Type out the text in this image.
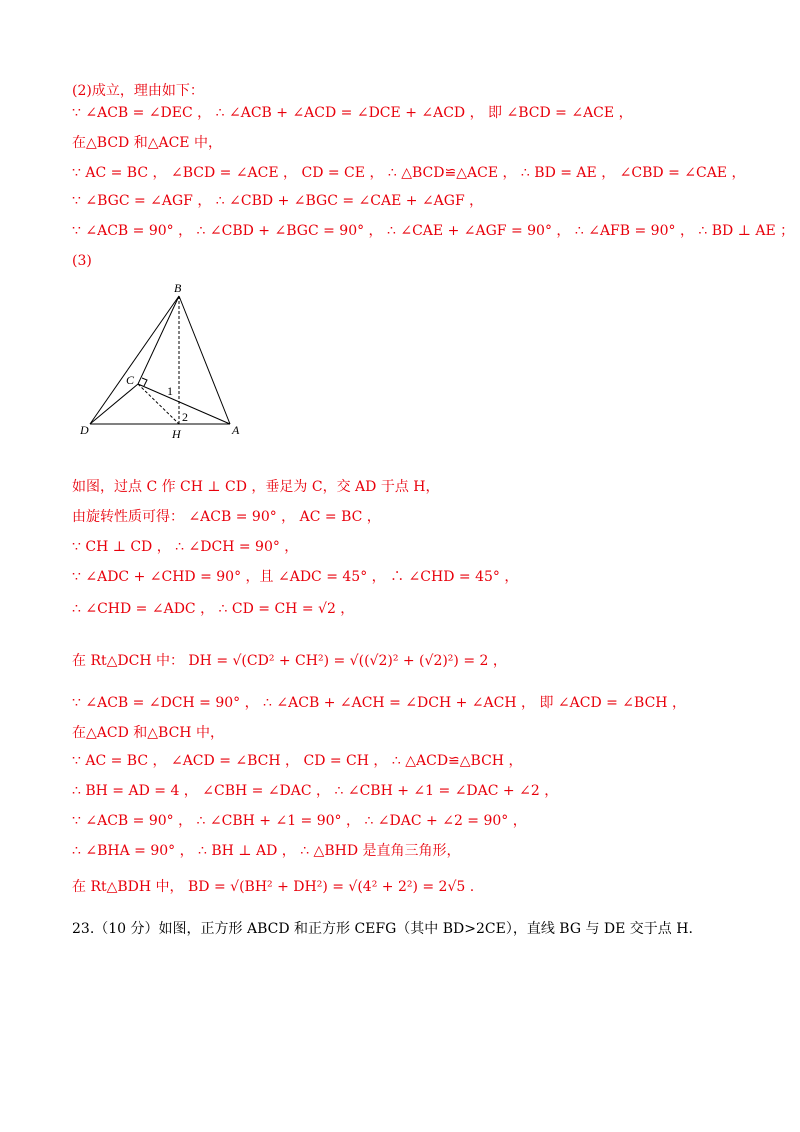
(2)成立，理由如下：
∵ ∠ACB = ∠DEC ， ∴ ∠ACB + ∠ACD = ∠DCE + ∠ACD ， 即 ∠BCD = ∠ACE ，
在△BCD 和△ACE 中，
∵ AC = BC ， ∠BCD = ∠ACE ， CD = CE ， ∴ △BCD≌△ACE ， ∴ BD = AE ， ∠CBD = ∠CAE ，
∵ ∠BGC = ∠AGF ， ∴ ∠CBD + ∠BGC = ∠CAE + ∠AGF ，
∵ ∠ACB = 90° ， ∴ ∠CBD + ∠BGC = 90° ， ∴ ∠CAE + ∠AGF = 90° ， ∴ ∠AFB = 90° ， ∴ BD ⊥ AE ；
(3)
B
C
D	H	A
1
2
如图，过点 C 作 CH ⊥ CD ，垂足为 C，交 AD 于点 H，
由旋转性质可得： ∠ACB = 90° ， AC = BC ，
∵ CH ⊥ CD ， ∴ ∠DCH = 90° ，
∵ ∠ADC + ∠CHD = 90° ，且 ∠ADC = 45° ， ∴ ∠CHD = 45° ，
∴ ∠CHD = ∠ADC ， ∴ CD = CH = √2 ，
在 Rt△DCH 中： DH = √(CD² + CH²) = √((√2)² + (√2)²) = 2 ，
∵ ∠ACB = ∠DCH = 90° ， ∴ ∠ACB + ∠ACH = ∠DCH + ∠ACH ， 即 ∠ACD = ∠BCH ，
在△ACD 和△BCH 中，
∵ AC = BC ， ∠ACD = ∠BCH ， CD = CH ， ∴ △ACD≌△BCH ，
∴ BH = AD = 4 ， ∠CBH = ∠DAC ， ∴ ∠CBH + ∠1 = ∠DAC + ∠2 ，
∵ ∠ACB = 90° ， ∴ ∠CBH + ∠1 = 90° ， ∴ ∠DAC + ∠2 = 90° ，
∴ ∠BHA = 90° ， ∴ BH ⊥ AD ， ∴ △BHD 是直角三角形，
在 Rt△BDH 中， BD = √(BH² + DH²) = √(4² + 2²) = 2√5 .
23.（10 分）如图，正方形 ABCD 和正方形 CEFG（其中 BD>2CE），直线 BG 与 DE 交于点 H.
